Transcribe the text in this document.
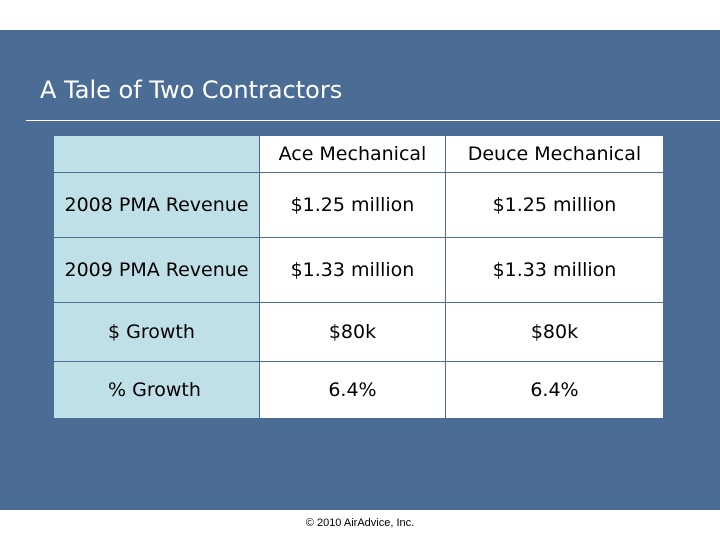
A Tale of Two Contractors
	Ace Mechanical	Deuce Mechanical
2008 PMA Revenue	$1.25 million	$1.25 million
2009 PMA Revenue	$1.33 million	$1.33 million
$ Growth	$80k	$80k
% Growth	6.4%	6.4%
© 2010 AirAdvice, Inc.
